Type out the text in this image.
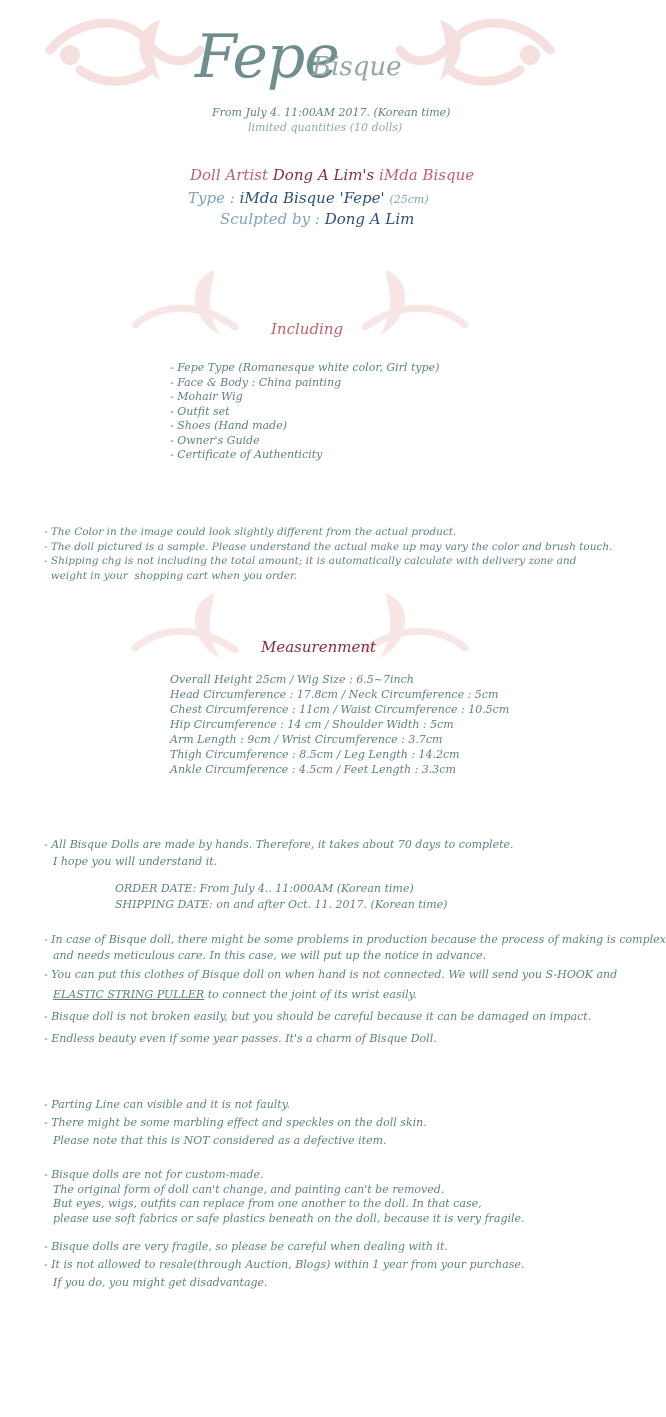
Fepe
Bisque
From July 4. 11:00AM 2017. (Korean time)
limited quantities (10 dolls)
Doll Artist Dong A Lim's iMda Bisque
Type : iMda Bisque 'Fepe' (25cm)
Sculpted by : Dong A Lim
Including
- Fepe Type (Romanesque white color, Girl type)
- Face & Body : China painting
- Mohair Wig
- Outfit set
- Shoes (Hand made)
- Owner's Guide
- Certificate of Authenticity
- The Color in the image could look slightly different from the actual product.
- The doll pictured is a sample. Please understand the actual make up may vary the color and brush touch.
- Shipping chg is not including the total amount; it is automatically calculate with delivery zone and
weight in your  shopping cart when you order.
Measurenment
Overall Height 25cm / Wig Size : 6.5~7inch
Head Circumference : 17.8cm / Neck Circumference : 5cm
Chest Circumference : 11cm / Waist Circumference : 10.5cm
Hip Circumference : 14 cm / Shoulder Width : 5cm
Arm Length : 9cm / Wrist Circumference : 3.7cm
Thigh Circumference : 8.5cm / Leg Length : 14.2cm
Ankle Circumference : 4.5cm / Feet Length : 3.3cm
- All Bisque Dolls are made by hands. Therefore, it takes about 70 days to complete.
I hope you will understand it.
ORDER DATE: From July 4.. 11:000AM (Korean time)
SHIPPING DATE: on and after Oct. 11. 2017. (Korean time)
- In case of Bisque doll, there might be some problems in production because the process of making is complex
and needs meticulous care. In this case, we will put up the notice in advance.
- You can put this clothes of Bisque doll on when hand is not connected. We will send you S-HOOK and
ELASTIC STRING PULLER to connect the joint of its wrist easily.
- Bisque doll is not broken easily, but you should be careful because it can be damaged on impact.
- Endless beauty even if some year passes. It's a charm of Bisque Doll.
- Parting Line can visible and it is not faulty.
- There might be some marbling effect and speckles on the doll skin.
Please note that this is NOT considered as a defective item.
- Bisque dolls are not for custom-made.
The original form of doll can't change, and painting can't be removed.
But eyes, wigs, outfits can replace from one another to the doll. In that case,
please use soft fabrics or safe plastics beneath on the doll, because it is very fragile.
- Bisque dolls are very fragile, so please be careful when dealing with it.
- It is not allowed to resale(through Auction, Blogs) within 1 year from your purchase.
If you do, you might get disadvantage.
